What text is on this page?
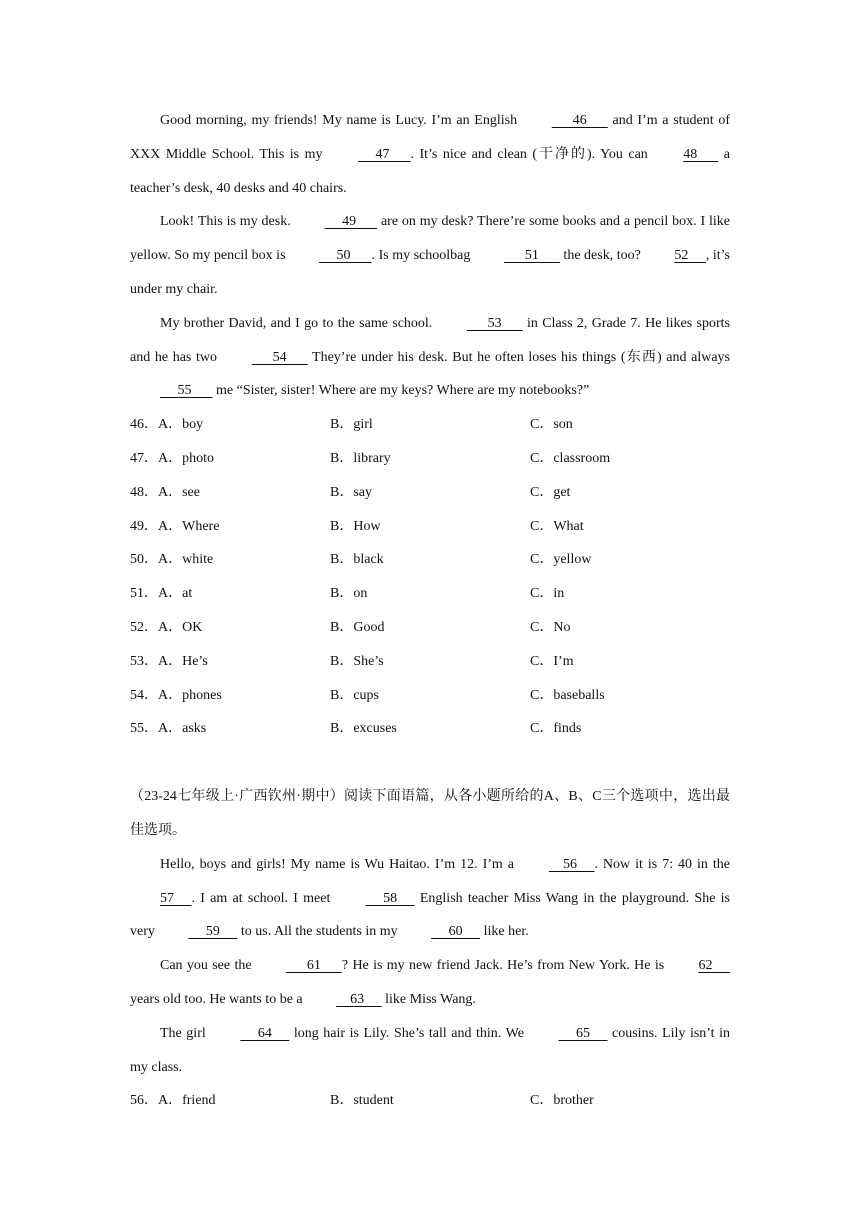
Good morning, my friends! My name is Lucy. I’m an English       46       and I’m a student of XXX Middle School. This is my      47      . It’s nice and clean (干净的). You can 48       a teacher’s desk, 40 desks and 40 chairs.

Look! This is my desk.      49       are on my desk? There’re some books and a pencil box. I like yellow. So my pencil box is      50      . Is my schoolbag       51       the desk, too? 52     , it’s under my chair.

My brother David, and I go to the same school.       53       in Class 2, Grade 7. He likes sports and he has two       54       They’re under his desk. But he often loses his things (东西) and always      55       me “Sister, sister! Where are my keys? Where are my notebooks?”

46．A．boy	B．girl	C．son
47．A．photo	B．library	C．classroom
48．A．see	B．say	C．get
49．A．Where	B．How	C．What
50．A．white	B．black	C．yellow
51．A．at	B．on	C．in
52．A．OK	B．Good	C．No
53．A．He’s	B．She’s	C．I’m
54．A．phones	B．cups	C．baseballs
55．A．asks	B．excuses	C．finds

（23-24七年级上·广西钦州·期中）阅读下面语篇，从各小题所给的A、B、C三个选项中，选出最佳选项。

Hello, boys and girls! My name is Wu Haitao. I’m 12. I’m a     56     . Now it is 7: 40 in the 57     . I am at school. I meet      58      English teacher Miss Wang in the playground. She is very      59      to us. All the students in my      60      like her.

Can you see the       61      ? He is my new friend Jack. He’s from New York. He is 62      years old too. He wants to be a     63      like Miss Wang.

The girl      64      long hair is Lily. She’s tall and thin. We      65      cousins. Lily isn’t in my class.

56．A．friend	B．student	C．brother
